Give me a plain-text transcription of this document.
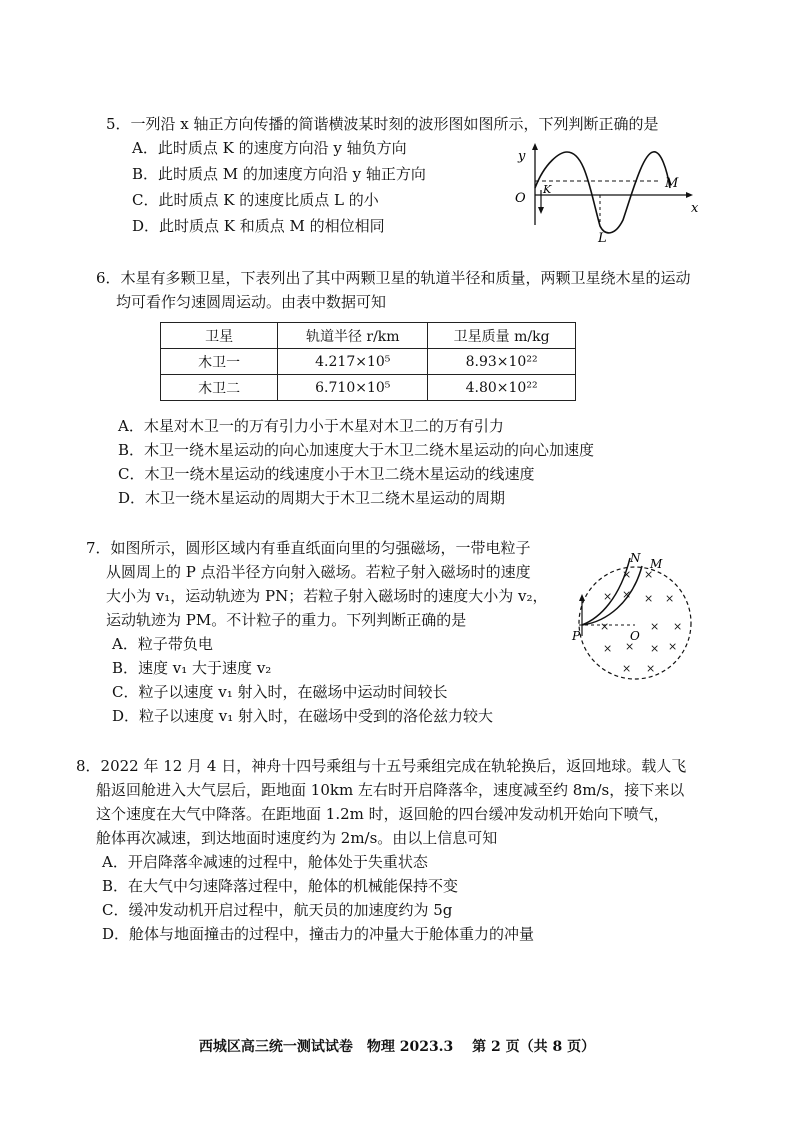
5．一列沿 x 轴正方向传播的简谐横波某时刻的波形图如图所示，下列判断正确的是
A．此时质点 K 的速度方向沿 y 轴负方向
B．此时质点 M 的加速度方向沿 y 轴正方向
C．此时质点 K 的速度比质点 L 的小
D．此时质点 K 和质点 M 的相位相同
y
x
O
K	M
L
6．木星有多颗卫星，下表列出了其中两颗卫星的轨道半径和质量，两颗卫星绕木星的运动
均可看作匀速圆周运动。由表中数据可知
卫星	轨道半径 r/km	卫星质量 m/kg
木卫一	4.217×10⁵	8.93×10²²
木卫二	6.710×10⁵	4.80×10²²
A．木星对木卫一的万有引力小于木星对木卫二的万有引力
B．木卫一绕木星运动的向心加速度大于木卫二绕木星运动的向心加速度
C．木卫一绕木星运动的线速度小于木卫二绕木星运动的线速度
D．木卫一绕木星运动的周期大于木卫二绕木星运动的周期
7．如图所示，圆形区域内有垂直纸面向里的匀强磁场，一带电粒子
从圆周上的 P 点沿半径方向射入磁场。若粒子射入磁场时的速度
大小为 v₁，运动轨迹为 PN；若粒子射入磁场时的速度大小为 v₂，
运动轨迹为 PM。不计粒子的重力。下列判断正确的是
A．粒子带负电
B．速度 v₁ 大于速度 v₂
C．粒子以速度 v₁ 射入时，在磁场中运动时间较长
D．粒子以速度 v₁ 射入时，在磁场中受到的洛伦兹力较大
× ×
× × × ×
×	× ×
× × × ×
× ×
N M
P	O
8．2022 年 12 月 4 日，神舟十四号乘组与十五号乘组完成在轨轮换后，返回地球。载人飞
船返回舱进入大气层后，距地面 10km 左右时开启降落伞，速度减至约 8m/s，接下来以
这个速度在大气中降落。在距地面 1.2m 时，返回舱的四台缓冲发动机开始向下喷气，
舱体再次减速，到达地面时速度约为 2m/s。由以上信息可知
A．开启降落伞减速的过程中，舱体处于失重状态
B．在大气中匀速降落过程中，舱体的机械能保持不变
C．缓冲发动机开启过程中，航天员的加速度约为 5g
D．舱体与地面撞击的过程中，撞击力的冲量大于舱体重力的冲量
西城区高三统一测试试卷　物理 2023.3　 第 2 页（共 8 页）
